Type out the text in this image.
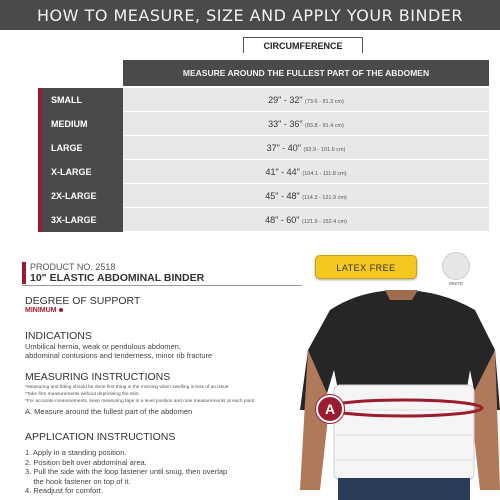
HOW TO MEASURE, SIZE AND APPLY YOUR BINDER
CIRCUMFERENCE
MEASURE AROUND THE FULLEST PART OF THE ABDOMEN
SMALL	29" - 32" (73.6 - 81.3 cm)
MEDIUM	33" - 36" (83.8 - 91.4 cm)
LARGE	37" - 40" (93.9 - 101.6 cm)
X-LARGE	41" - 44" (104.1 - 111.8 cm)
2X-LARGE	45" - 48" (114.3 - 121.9 cm)
3X-LARGE	48" - 60" (121.9 - 152.4 cm)
PRODUCT NO. 2518
10" ELASTIC ABDOMINAL BINDER
LATEX FREE
WHITE
DEGREE OF SUPPORT
MINIMUM
INDICATIONS
Umbilical hernia, weak or pendulous abdomen,
abdominal contusions and tenderness, minor rib fracture
MEASURING INSTRUCTIONS
*Measuring and fitting should be done first thing in the morning when swelling is less of an issue.
*Take firm measurements without depressing the skin.
*For accurate measurements, keep measuring tape in a level position and note measurements at each point.
A. Measure around the fullest part of the abdomen
APPLICATION INSTRUCTIONS
1. Apply in a standing position.
2. Position belt over abdominal area.
3. Pull the side with the loop fastener until snug, then overlap
the hook fastener on top of it.
4. Readjust for comfort.
A
